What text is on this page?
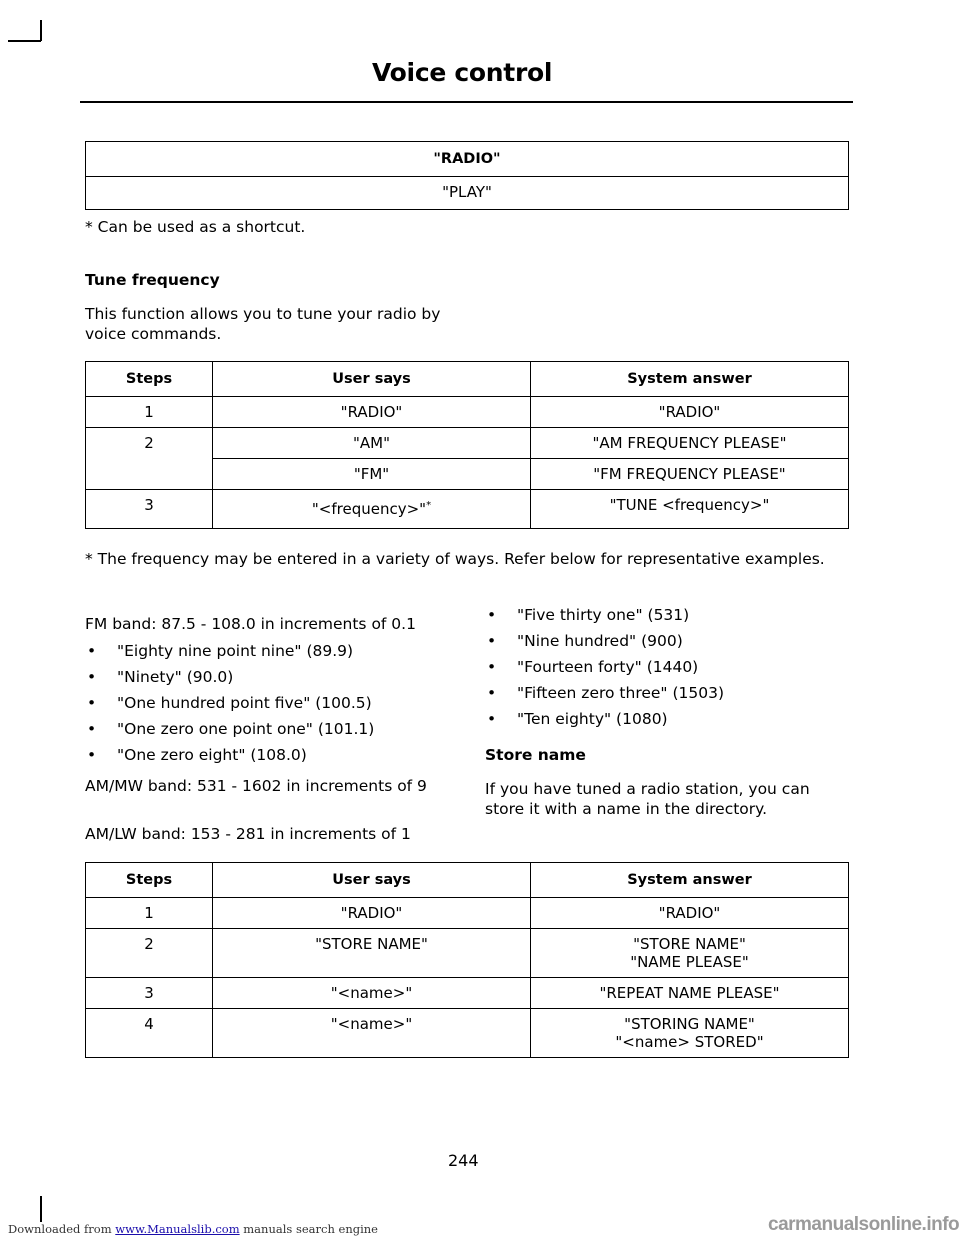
Voice control
"RADIO"
"PLAY"
* Can be used as a shortcut.
Tune frequency
This function allows you to tune your radio by voice commands.
Steps	User says	System answer
1	"RADIO"	"RADIO"
2	"AM"	"AM FREQUENCY PLEASE"
	"FM"	"FM FREQUENCY PLEASE"
3	"<frequency>"*	"TUNE <frequency>"
* The frequency may be entered in a variety of ways. Refer below for representative examples.
FM band: 87.5 - 108.0 in increments of 0.1
• "Eighty nine point nine" (89.9)
• "Ninety" (90.0)
• "One hundred point five" (100.5)
• "One zero one point one" (101.1)
• "One zero eight" (108.0)
AM/MW band: 531 - 1602 in increments of 9
AM/LW band: 153 - 281 in increments of 1
• "Five thirty one" (531)
• "Nine hundred" (900)
• "Fourteen forty" (1440)
• "Fifteen zero three" (1503)
• "Ten eighty" (1080)
Store name
If you have tuned a radio station, you can store it with a name in the directory.
Steps	User says	System answer
1	"RADIO"	"RADIO"
2	"STORE NAME"	"STORE NAME"
"NAME PLEASE"

3	"<name>"	"REPEAT NAME PLEASE"
4	"<name>"	"STORING NAME"
"<name> STORED"
244
Downloaded from www.Manualslib.com manuals search engine	carmanualsonline.info
